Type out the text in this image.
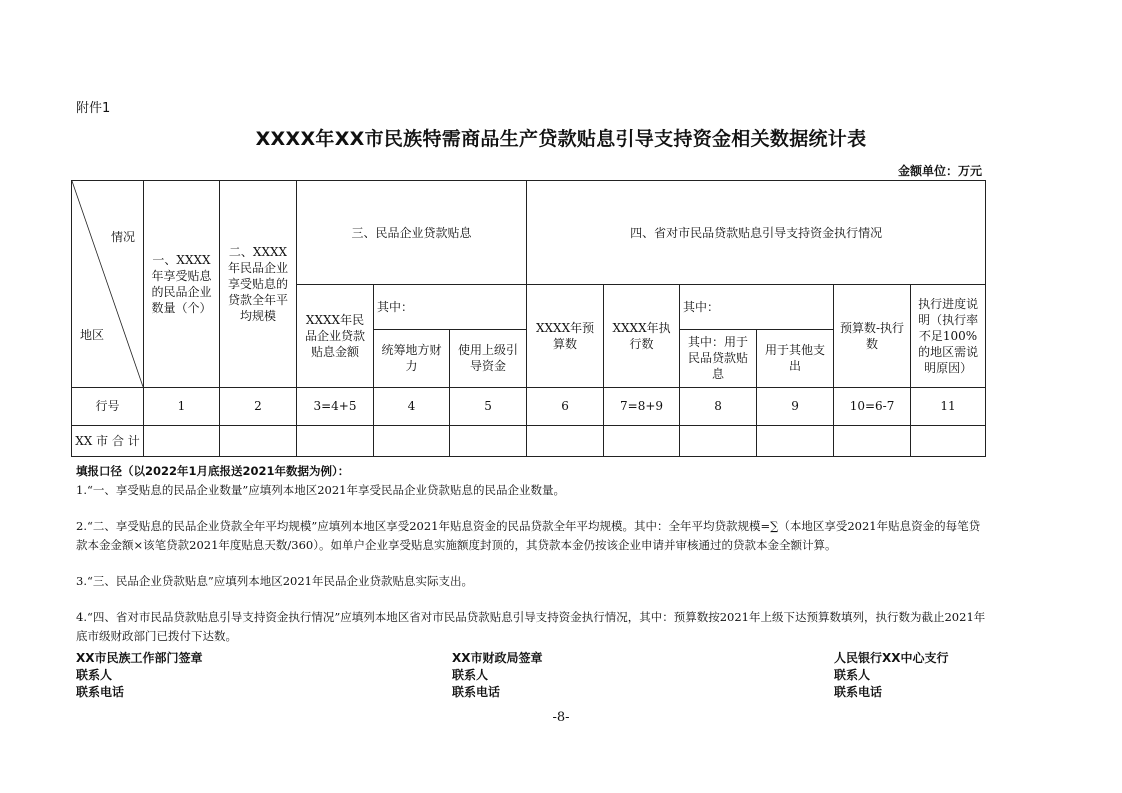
附件1
XXXX年XX市民族特需商品生产贷款贴息引导支持资金相关数据统计表
金额单位：万元
情况
地区	一、XXXX年享受贴息的民品企业数量（个）	二、XXXX年民品企业享受贴息的贷款全年平均规模	三、民品企业贷款贴息			四、省对市民品贷款贴息引导支持资金执行情况					
			XXXX年民品企业贷款贴息金额	其中：		XXXX年预算数	XXXX年执行数	其中：		预算数-执行数	执行进度说明（执行率不足100%的地区需说明原因）
				统筹地方财力	使用上级引导资金			其中：用于民品贷款贴息	用于其他支出		
行号	1	2	3=4+5	4	5	6	7=8+9	8	9	10=6-7	11
XX 市 合 计											

填报口径（以2022年1月底报送2021年数据为例）：

1.“一、享受贴息的民品企业数量”应填列本地区2021年享受民品企业贷款贴息的民品企业数量。

2.“二、享受贴息的民品企业贷款全年平均规模”应填列本地区享受2021年贴息资金的民品贷款全年平均规模。其中：全年平均贷款规模=∑（本地区享受2021年贴息资金的每笔贷款本金金额×该笔贷款2021年度贴息天数/360）。如单户企业享受贴息实施额度封顶的，其贷款本金仍按该企业申请并审核通过的贷款本金全额计算。

3.“三、民品企业贷款贴息”应填列本地区2021年民品企业贷款贴息实际支出。

4.“四、省对市民品贷款贴息引导支持资金执行情况”应填列本地区省对市民品贷款贴息引导支持资金执行情况，其中：预算数按2021年上级下达预算数填列，执行数为截止2021年底市级财政部门已拨付下达数。

XX市民族工作部门签章
联系人
联系电话
XX市财政局签章
联系人
联系电话
人民银行XX中心支行
联系人
联系电话
-8-
